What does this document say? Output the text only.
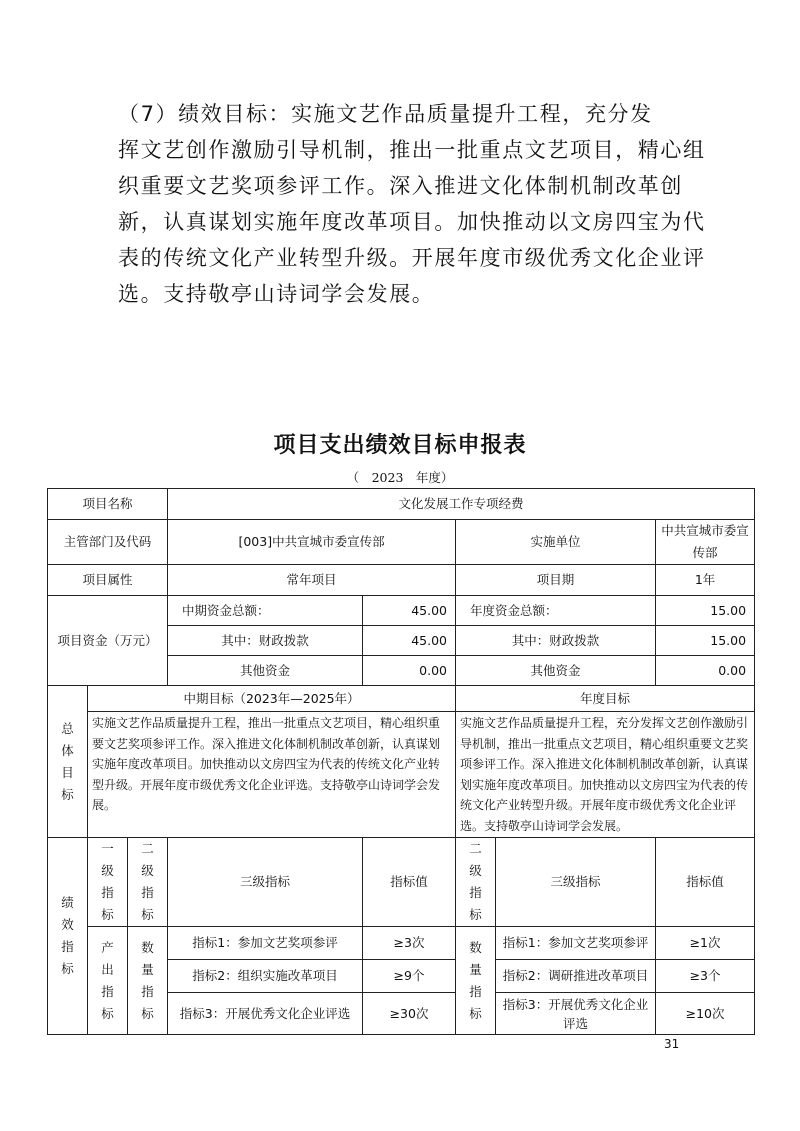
（7）绩效目标：实施文艺作品质量提升工程，充分发
挥文艺创作激励引导机制，推出一批重点文艺项目，精心组
织重要文艺奖项参评工作。深入推进文化体制机制改革创
新，认真谋划实施年度改革项目。加快推动以文房四宝为代
表的传统文化产业转型升级。开展年度市级优秀文化企业评
选。支持敬亭山诗词学会发展。
项目支出绩效目标申报表
（　2023　年度）
项目名称			文化发展工作专项经费				
主管部门及代码			[003]中共宣城市委宣传部		实施单位		中共宣城市委宣传部
项目属性			常年项目		项目期		1年
项目资金（万元）			中期资金总额：	45.00	年度资金总额：		15.00
			其中：财政拨款	45.00	其中：财政拨款		15.00
			其他资金	0.00	其他资金		0.00
总体目标	中期目标（2023年—2025年）				年度目标		
	实施文艺作品质量提升工程，推出一批重点文艺项目，精心组织重要文艺奖项参评工作。深入推进文化体制机制改革创新，认真谋划实施年度改革项目。加快推动以文房四宝为代表的传统文化产业转型升级。开展年度市级优秀文化企业评选。支持敬亭山诗词学会发展。				实施文艺作品质量提升工程，充分发挥文艺创作激励引导机制，推出一批重点文艺项目，精心组织重要文艺奖项参评工作。深入推进文化体制机制改革创新，认真谋划实施年度改革项目。加快推动以文房四宝为代表的传统文化产业转型升级。开展年度市级优秀文化企业评选。支持敬亭山诗词学会发展。		
绩效指标	一级指标	二级指标	三级指标	指标值	二级指标	三级指标	指标值
	产出指标	数量指标	指标1：参加文艺奖项参评	≥3次	数量指标	指标1：参加文艺奖项参评	≥1次
			指标2：组织实施改革项目	≥9个		指标2：调研推进改革项目	≥3个
			指标3：开展优秀文化企业评选	≥30次		指标3：开展优秀文化企业评选	≥10次
31
